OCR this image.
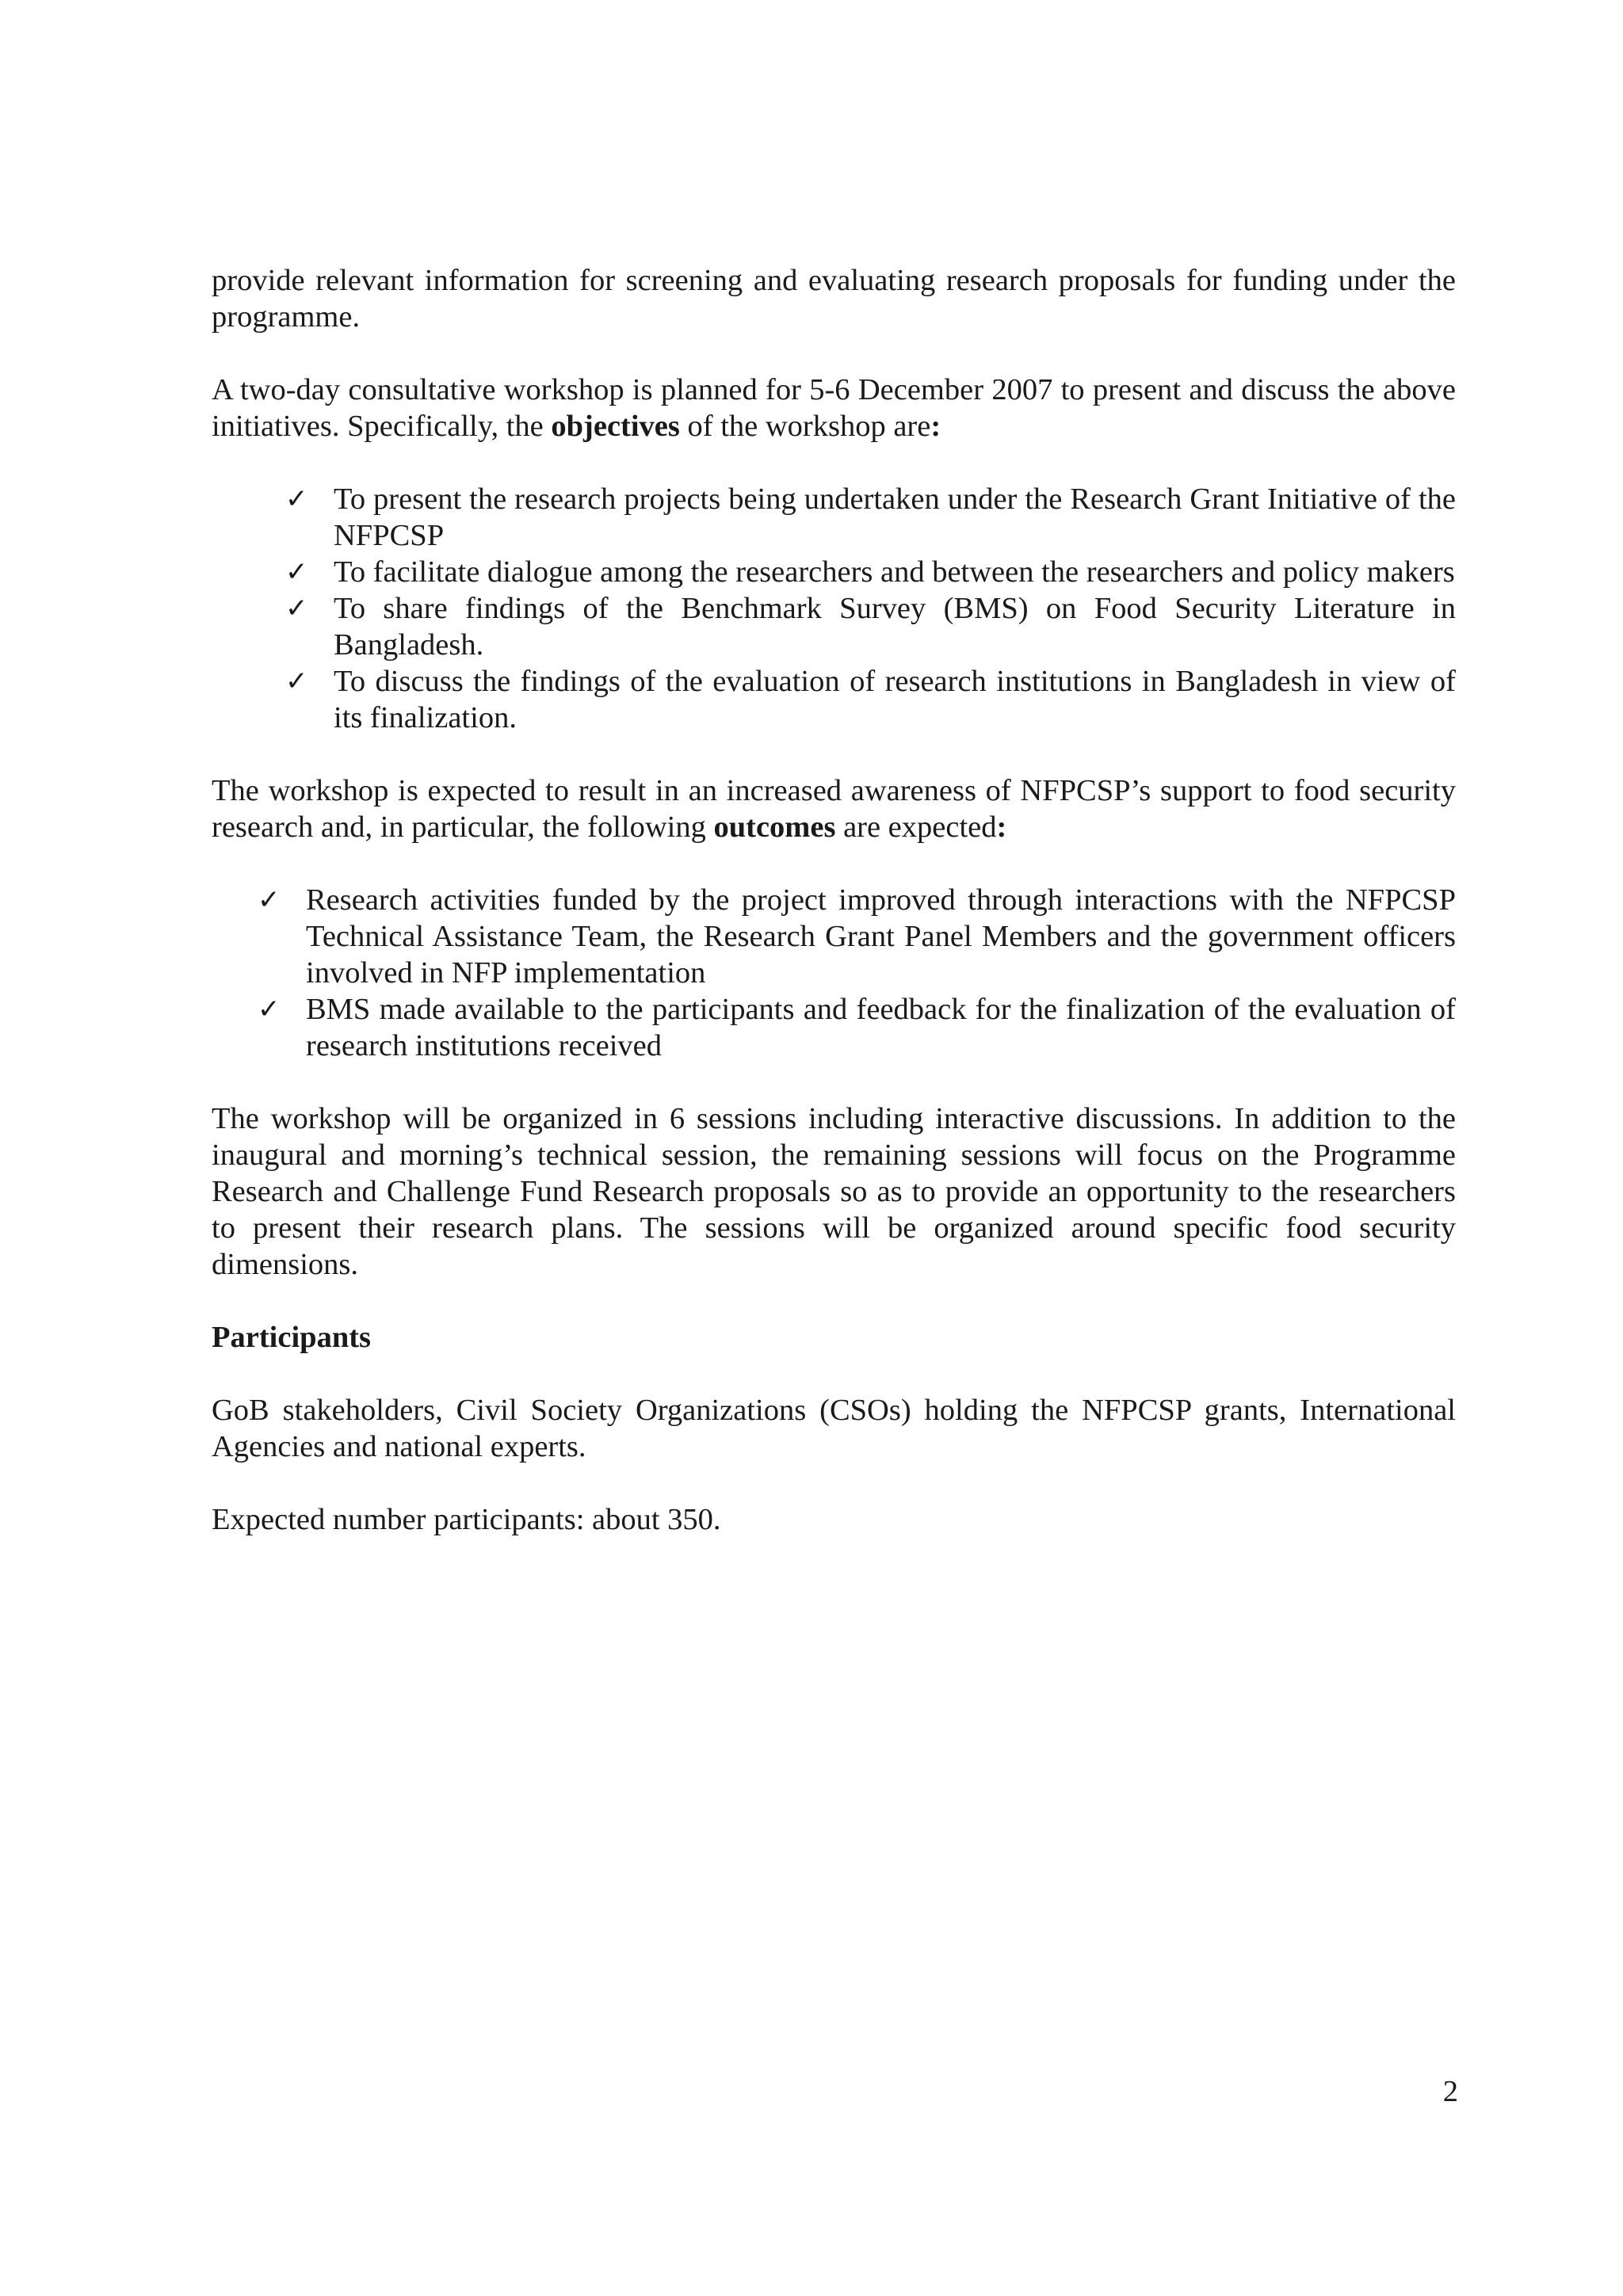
provide relevant information for screening and evaluating research proposals for funding under the programme.

A two-day consultative workshop is planned for 5-6 December 2007 to present and discuss the above initiatives. Specifically, the objectives of the workshop are:

✓ To present the research projects being undertaken under the Research Grant Initiative of the NFPCSP
✓ To facilitate dialogue among the researchers and between the researchers and policy makers
✓ To share findings of the Benchmark Survey (BMS) on Food Security Literature in Bangladesh.
✓ To discuss the findings of the evaluation of research institutions in Bangladesh in view of its finalization.

The workshop is expected to result in an increased awareness of NFPCSP’s support to food security research and, in particular, the following outcomes are expected:

✓ Research activities funded by the project improved through interactions with the NFPCSP Technical Assistance Team, the Research Grant Panel Members and the government officers involved in NFP implementation
✓ BMS made available to the participants and feedback for the finalization of the evaluation of research institutions received

The workshop will be organized in 6 sessions including interactive discussions. In addition to the inaugural and morning’s technical session, the remaining sessions will focus on the Programme Research and Challenge Fund Research proposals so as to provide an opportunity to the researchers to present their research plans. The sessions will be organized around specific food security dimensions.

Participants

GoB stakeholders, Civil Society Organizations (CSOs) holding the NFPCSP grants, International Agencies and national experts.

Expected number participants: about 350.

2
